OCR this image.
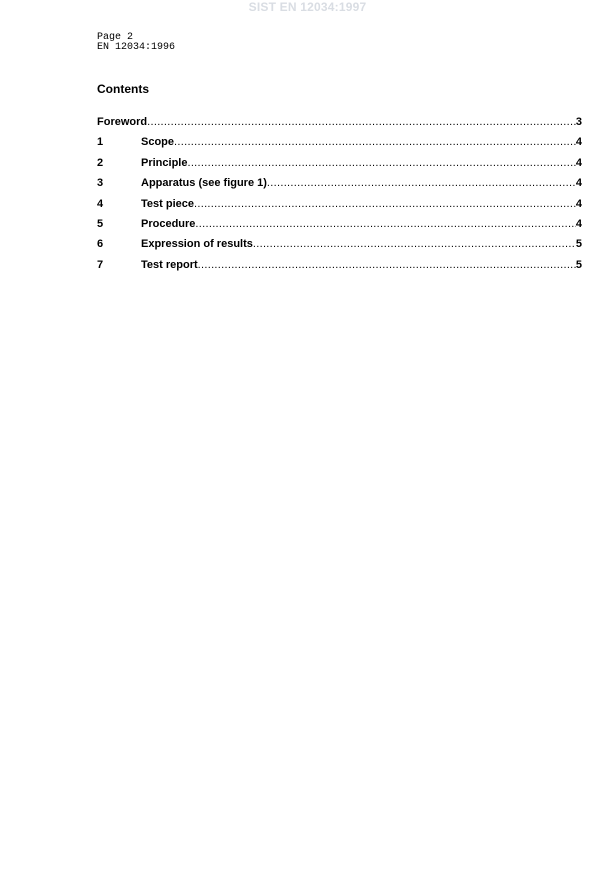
SIST EN 12034:1997
Page 2
EN 12034:1996
Contents
Foreword .....	3
1	Scope .....	4
2	Principle .....	4
3	Apparatus (see figure 1) .....	4
4	Test piece .....	4
5	Procedure .....	4
6	Expression of results .....	5
7	Test report .....	5
